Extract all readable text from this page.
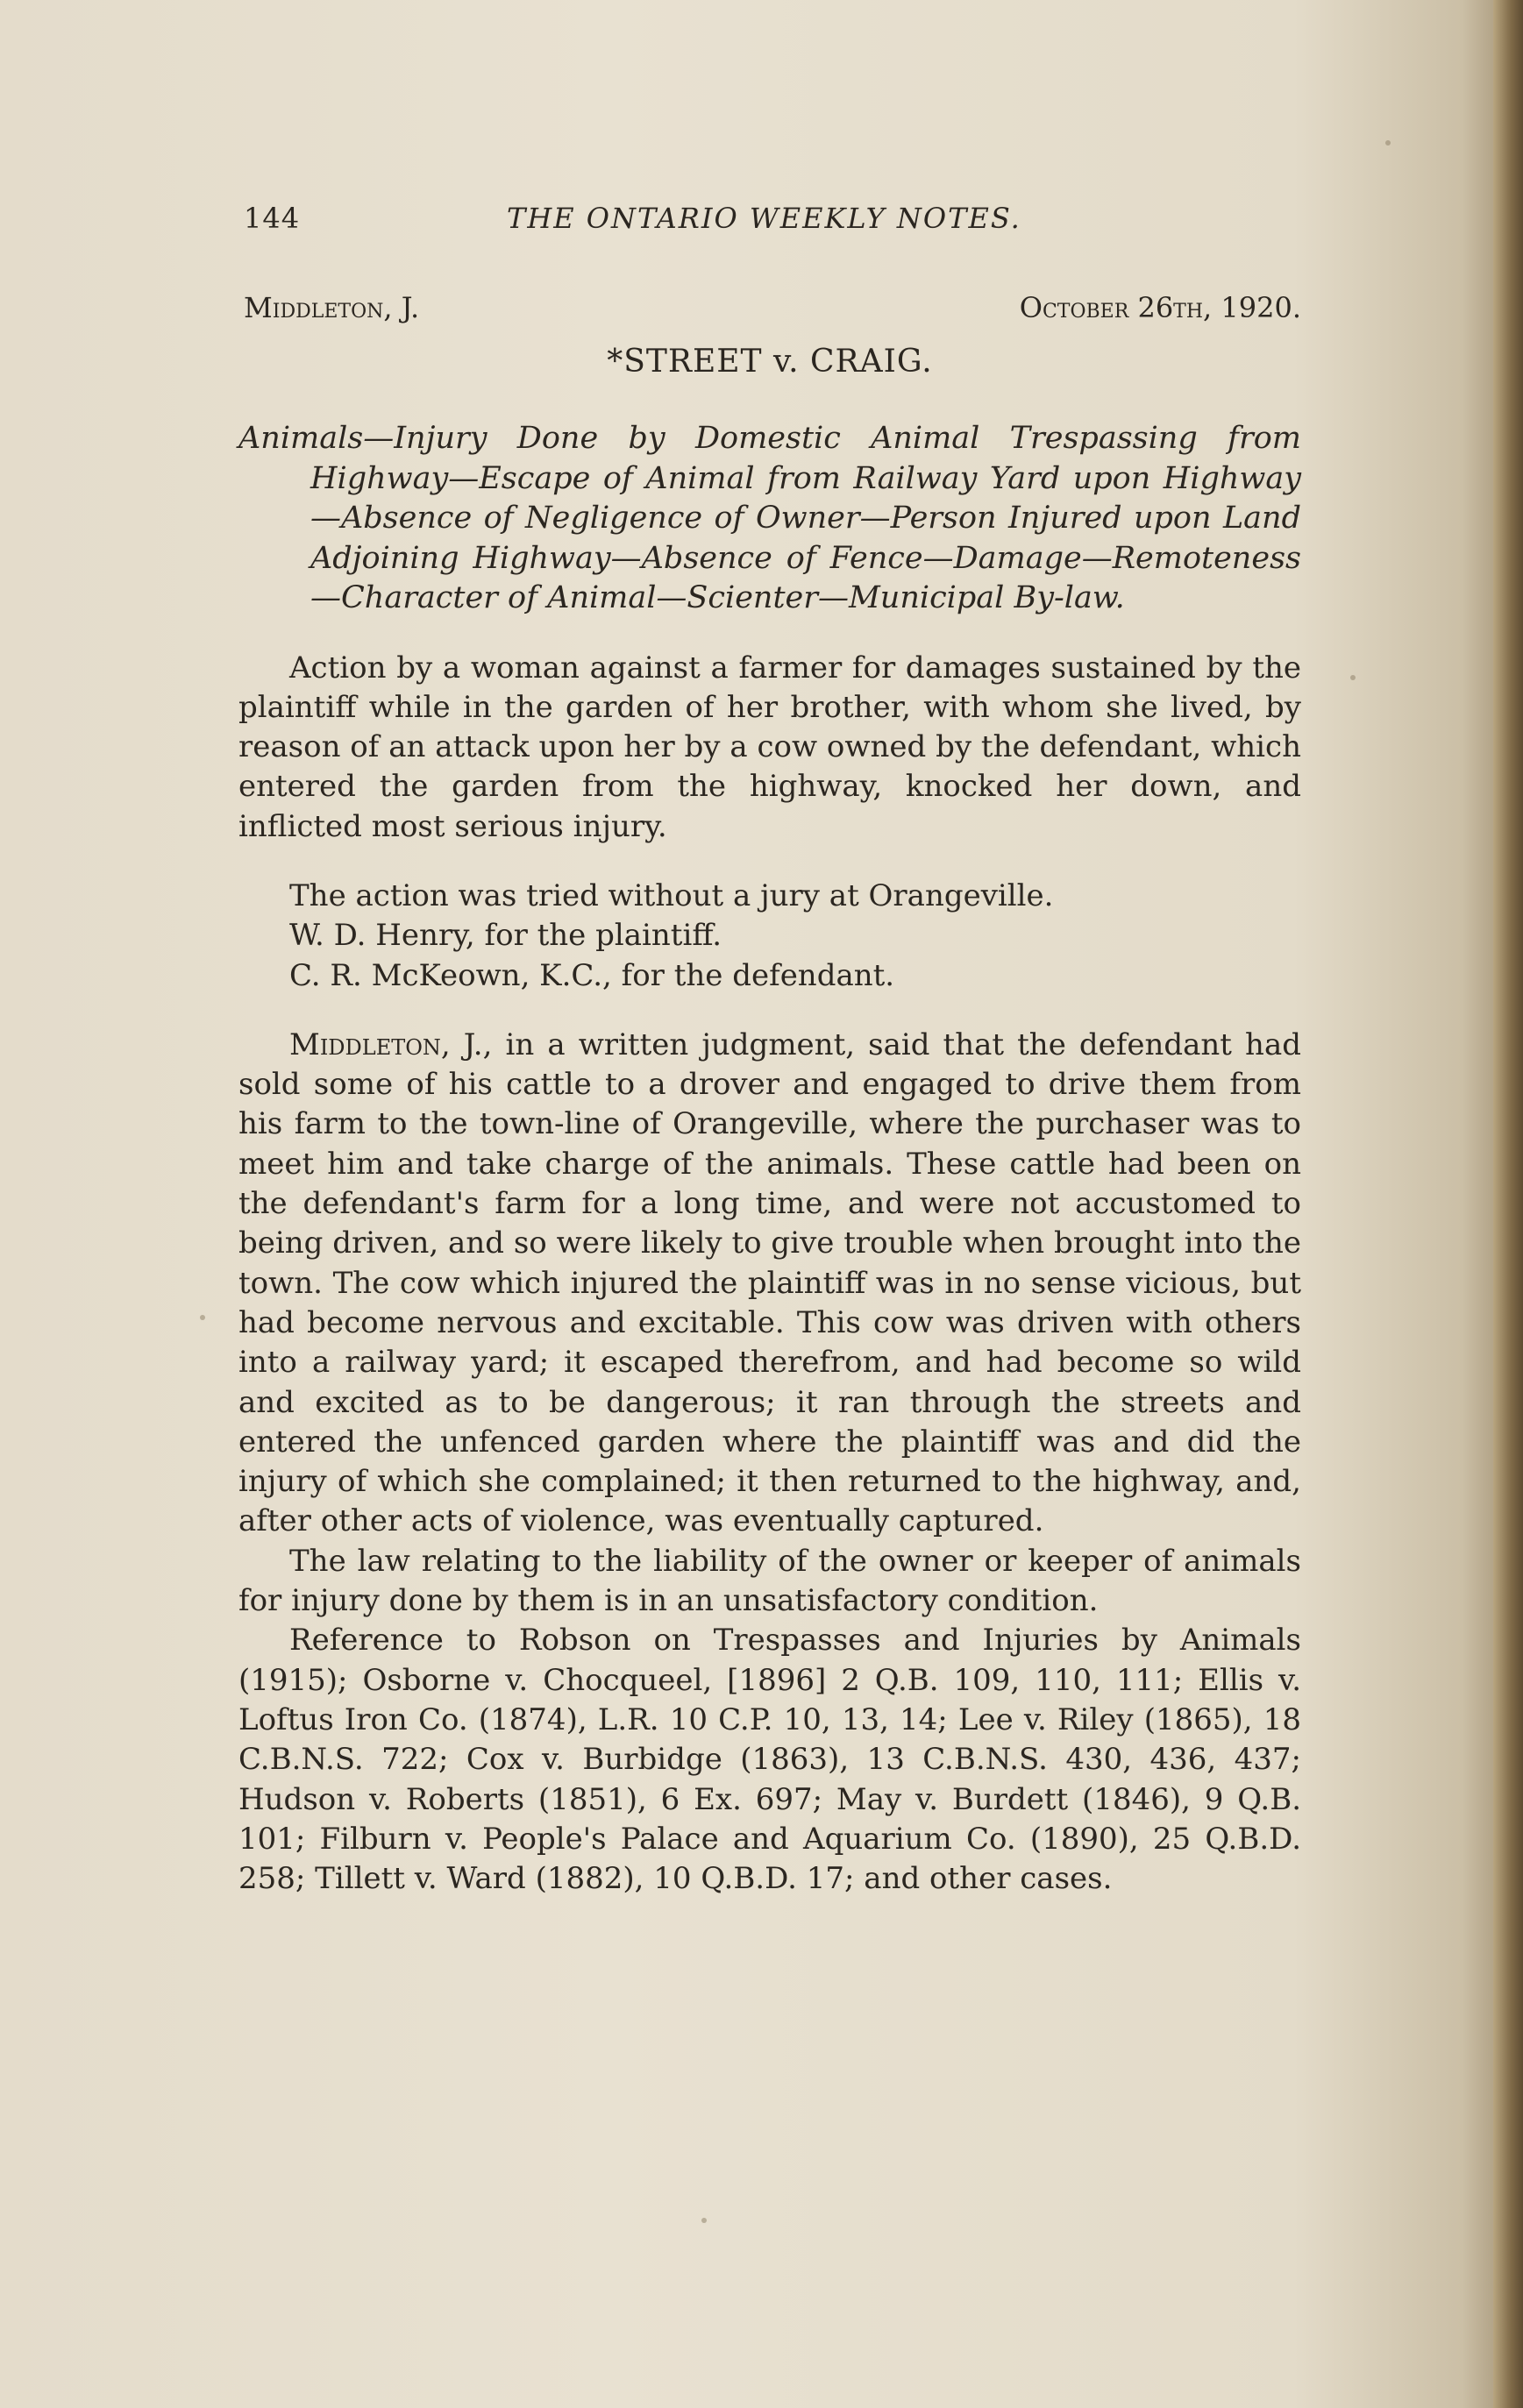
144	THE ONTARIO WEEKLY NOTES.
Middleton, J.	October 26th, 1920.
*STREET v. CRAIG.
Animals—Injury Done by Domestic Animal Trespassing from Highway—Escape of Animal from Railway Yard upon Highway—Absence of Negligence of Owner—Person Injured upon Land Adjoining Highway—Absence of Fence—Damage—Remoteness—Character of Animal—Scienter—Municipal By-law.

Action by a woman against a farmer for damages sustained by the plaintiff while in the garden of her brother, with whom she lived, by reason of an attack upon her by a cow owned by the defendant, which entered the garden from the highway, knocked her down, and inflicted most serious injury.

The action was tried without a jury at Orangeville.
W. D. Henry, for the plaintiff.
C. R. McKeown, K.C., for the defendant.

Middleton, J., in a written judgment, said that the defendant had sold some of his cattle to a drover and engaged to drive them from his farm to the town-line of Orangeville, where the purchaser was to meet him and take charge of the animals. These cattle had been on the defendant's farm for a long time, and were not accustomed to being driven, and so were likely to give trouble when brought into the town. The cow which injured the plaintiff was in no sense vicious, but had become nervous and excitable. This cow was driven with others into a railway yard; it escaped therefrom, and had become so wild and excited as to be dangerous; it ran through the streets and entered the unfenced garden where the plaintiff was and did the injury of which she complained; it then returned to the highway, and, after other acts of violence, was eventually captured.

The law relating to the liability of the owner or keeper of animals for injury done by them is in an unsatisfactory condition.

Reference to Robson on Trespasses and Injuries by Animals (1915); Osborne v. Chocqueel, [1896] 2 Q.B. 109, 110, 111; Ellis v. Loftus Iron Co. (1874), L.R. 10 C.P. 10, 13, 14; Lee v. Riley (1865), 18 C.B.N.S. 722; Cox v. Burbidge (1863), 13 C.B.N.S. 430, 436, 437; Hudson v. Roberts (1851), 6 Ex. 697; May v. Burdett (1846), 9 Q.B. 101; Filburn v. People's Palace and Aquarium Co. (1890), 25 Q.B.D. 258; Tillett v. Ward (1882), 10 Q.B.D. 17; and other cases.
